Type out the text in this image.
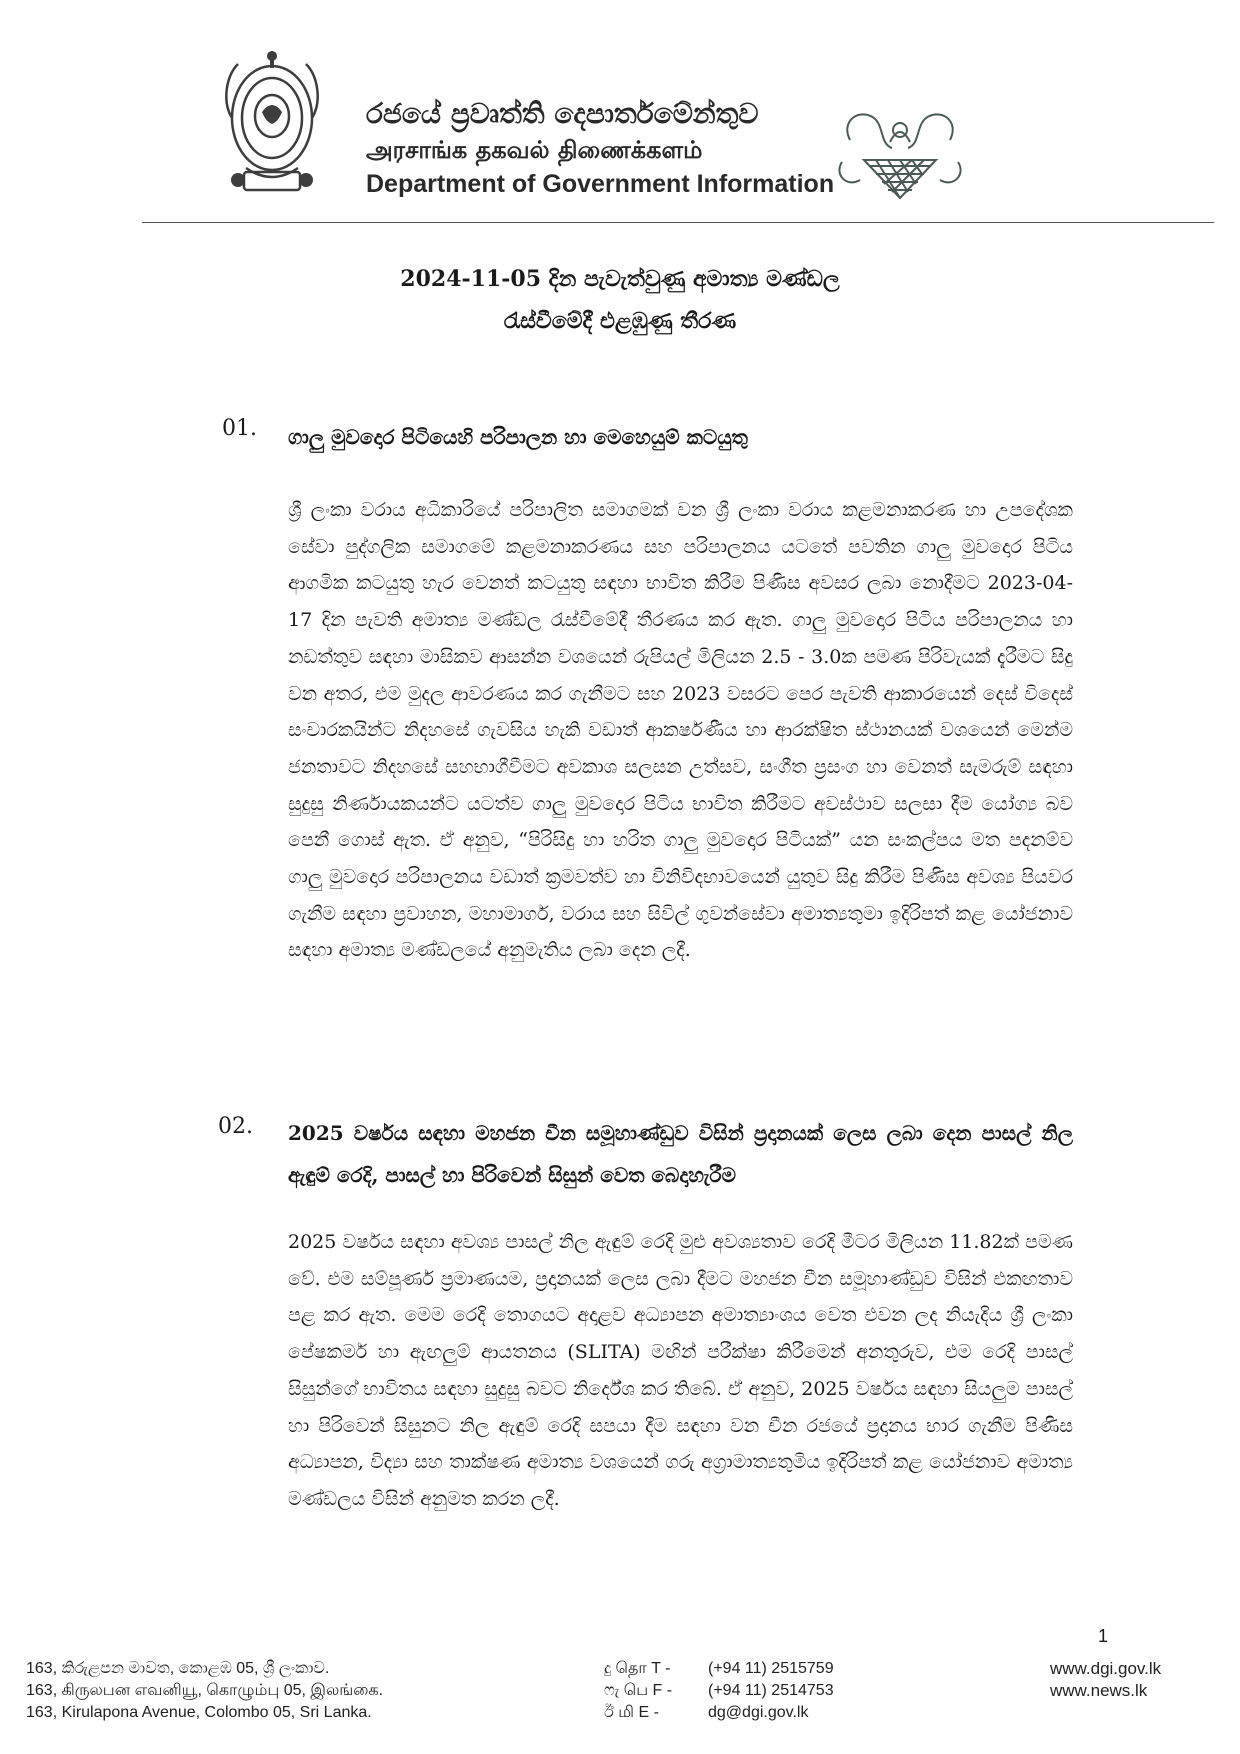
රජයේ ප්‍රවෘත්ති දෙපාර්තමේන්තුව
அரசாங்க தகவல் திணைக்களம்
Department of Government Information
2024-11-05 දින පැවැත්වුණු අමාත්‍ය මණ්ඩල
රැස්වීමේදී එළඹුණු තීරණ
01. ගාලු මුවදොර පිටියෙහි පරිපාලන හා මෙහෙයුම් කටයුතු
ශ්‍රී ලංකා වරාය අධිකාරියේ පරිපාලිත සමාගමක් වන ශ්‍රී ලංකා වරාය කළමනාකරණ හා උපදේශක සේවා පුද්ගලික සමාගමේ කළමනාකරණය සහ පරිපාලනය යටතේ පවතින ගාලු මුවදොර පිටිය ආගමික කටයුතු හැර වෙනත් කටයුතු සඳහා භාවිත කිරීම පිණිස අවසර ලබා නොදීමට 2023-04-17 දින පැවති අමාත්‍ය මණ්ඩල රැස්වීමේදී තීරණය කර ඇත. ගාලු මුවදොර පිටිය පරිපාලනය හා නඩත්තුව සඳහා මාසිකව ආසන්න වශයෙන් රුපියල් මිලියන 2.5 - 3.0ක පමණ පිරිවැයක් දැරීමට සිදු වන අතර, එම මුදල ආවරණය කර ගැනීමට සහ 2023 වසරට පෙර පැවති ආකාරයෙන් දෙස් විදෙස් සංචාරකයින්ට නිදහසේ ගැවසිය හැකි වඩාත් ආකර්ෂණීය හා ආරක්ෂිත ස්ථානයක් වශයෙන් මෙන්ම ජනතාවට නිදහසේ සහභාගීවීමට අවකාශ සලසන උත්සව, සංගීත ප්‍රසංග හා වෙනත් සැමරුම් සඳහා සුදුසු නිර්ණායකයන්ට යටත්ව ගාලු මුවදොර පිටිය භාවිත කිරීමට අවස්ථාව සලසා දීම යෝග්‍ය බව පෙනී ගොස් ඇත. ඒ අනුව, “පිරිසිදු හා හරිත ගාලු මුවදොර පිටියක්” යන සංකල්පය මත පදනම්ව ගාලු මුවදොර පරිපාලනය වඩාත් ක්‍රමවත්ව හා විනිවිදභාවයෙන් යුතුව සිදු කිරීම පිණිස අවශ්‍ය පියවර ගැනීම සඳහා ප්‍රවාහන, මහාමාර්ග, වරාය සහ සිවිල් ගුවන්සේවා අමාත්‍යතුමා ඉදිරිපත් කළ යෝජනාව සඳහා අමාත්‍ය මණ්ඩලයේ අනුමැතිය ලබා දෙන ලදී.
02. 2025 වර්ෂය සඳහා මහජන චීන සමූහාණ්ඩුව විසින් ප්‍රදානයක් ලෙස ලබා දෙන පාසල් නිල ඇඳුම් රෙදි, පාසල් හා පිරිවෙන් සිසුන් වෙත බෙදාහැරීම
2025 වර්ෂය සඳහා අවශ්‍ය පාසල් නිල ඇඳුම් රෙදි මුළු අවශ්‍යතාව රෙදි මීටර මිලියන 11.82ක් පමණ වේ. එම සම්පූර්ණ ප්‍රමාණයම, ප්‍රදානයක් ලෙස ලබා දීමට මහජන චීන සමූහාණ්ඩුව විසින් එකඟතාව පළ කර ඇත. මෙම රෙදි තොගයට අදාළව අධ්‍යාපන අමාත්‍යාංශය වෙත එවන ලද නියැදිය ශ්‍රී ලංකා පේෂකර්ම හා ඇඟලුම් ආයතනය (SLITA) මඟින් පරීක්ෂා කිරීමෙන් අනතුරුව, එම රෙදි පාසල් සිසුන්ගේ භාවිතය සඳහා සුදුසු බවට නිර්දේශ කර තිබේ. ඒ අනුව, 2025 වර්ෂය සඳහා සියලුම පාසල් හා පිරිවෙන් සිසුනට නිල ඇඳුම් රෙදි සපයා දීම සඳහා වන චීන රජයේ ප්‍රදානය භාර ගැනීම පිණිස අධ්‍යාපන, විද්‍යා සහ තාක්ෂණ අමාත්‍ය වශයෙන් ගරු අග්‍රාමාත්‍යතුමිය ඉදිරිපත් කළ යෝජනාව අමාත්‍ය මණ්ඩලය විසින් අනුමත කරන ලදී.
1
163, කිරුළපන මාවත, කොළඹ 05, ශ්‍රී ලංකාව.
163, கிருலபன எவனியூ, கொழும்பு 05, இலங்கை.
163, Kirulapona Avenue, Colombo 05, Sri Lanka.
දු தொ T - (+94 11) 2515759
ෆැ பெ F - (+94 11) 2514753
ඊ மி E -	dg@dgi.gov.lk
www.dgi.gov.lk
www.news.lk
